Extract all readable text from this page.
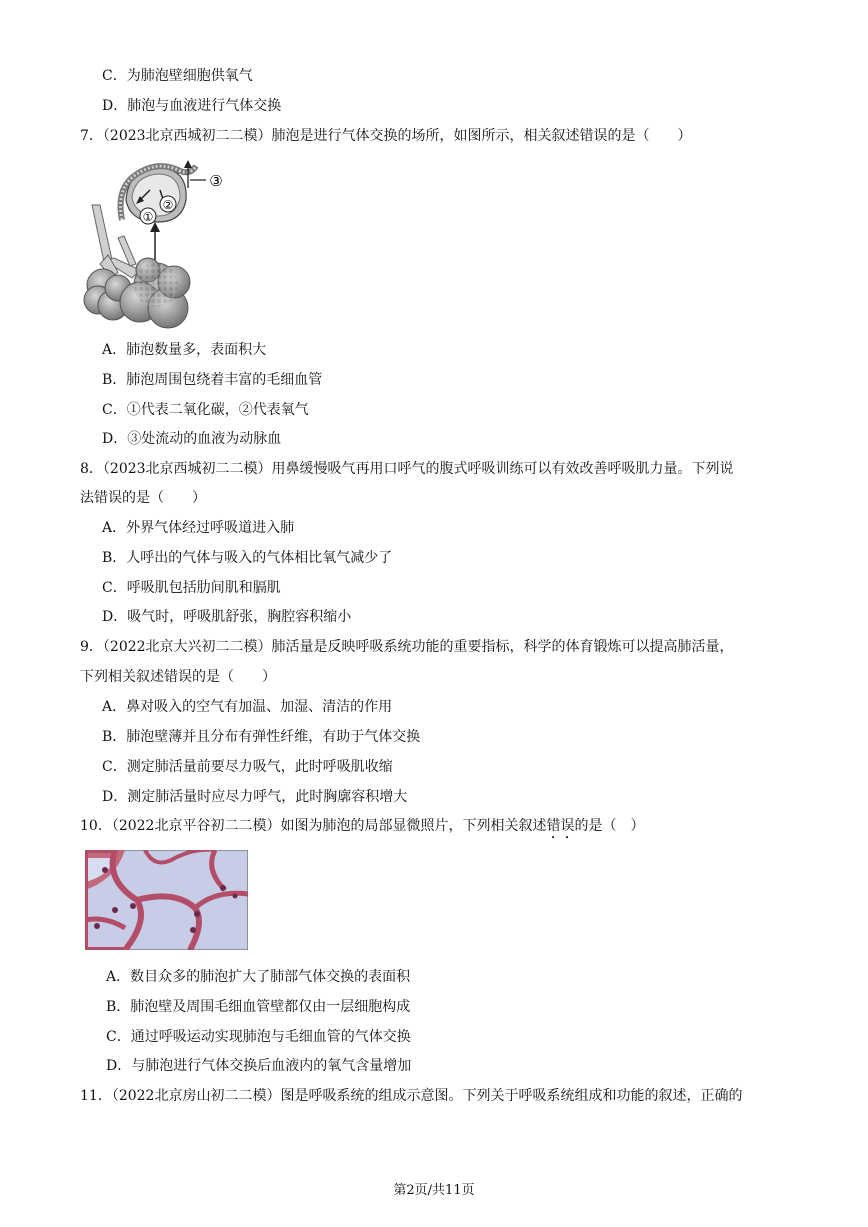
C．为肺泡壁细胞供氧气
D．肺泡与血液进行气体交换
7．（2023北京西城初二二模）肺泡是进行气体交换的场所，如图所示，相关叙述错误的是（　　）
①
②
③
A．肺泡数量多，表面积大
B．肺泡周围包绕着丰富的毛细血管
C．①代表二氧化碳，②代表氧气
D．③处流动的血液为动脉血
8．（2023北京西城初二二模）用鼻缓慢吸气再用口呼气的腹式呼吸训练可以有效改善呼吸肌力量。下列说
法错误的是（　　）
A．外界气体经过呼吸道进入肺
B．人呼出的气体与吸入的气体相比氧气减少了
C．呼吸肌包括肋间肌和膈肌
D．吸气时，呼吸肌舒张，胸腔容积缩小
9．（2022北京大兴初二二模）肺活量是反映呼吸系统功能的重要指标，科学的体育锻炼可以提高肺活量，
下列相关叙述错误的是（　　）
A．鼻对吸入的空气有加温、加湿、清洁的作用
B．肺泡壁薄并且分布有弹性纤维，有助于气体交换
C．测定肺活量前要尽力吸气，此时呼吸肌收缩
D．测定肺活量时应尽力呼气，此时胸廓容积增大
10．（2022北京平谷初二二模）如图为肺泡的局部显微照片，下列相关叙述错误的是（　）
A．数目众多的肺泡扩大了肺部气体交换的表面积
B．肺泡壁及周围毛细血管壁都仅由一层细胞构成
C．通过呼吸运动实现肺泡与毛细血管的气体交换
D．与肺泡进行气体交换后血液内的氧气含量增加
11．（2022北京房山初二二模）图是呼吸系统的组成示意图。下列关于呼吸系统组成和功能的叙述，正确的
第2页/共11页
